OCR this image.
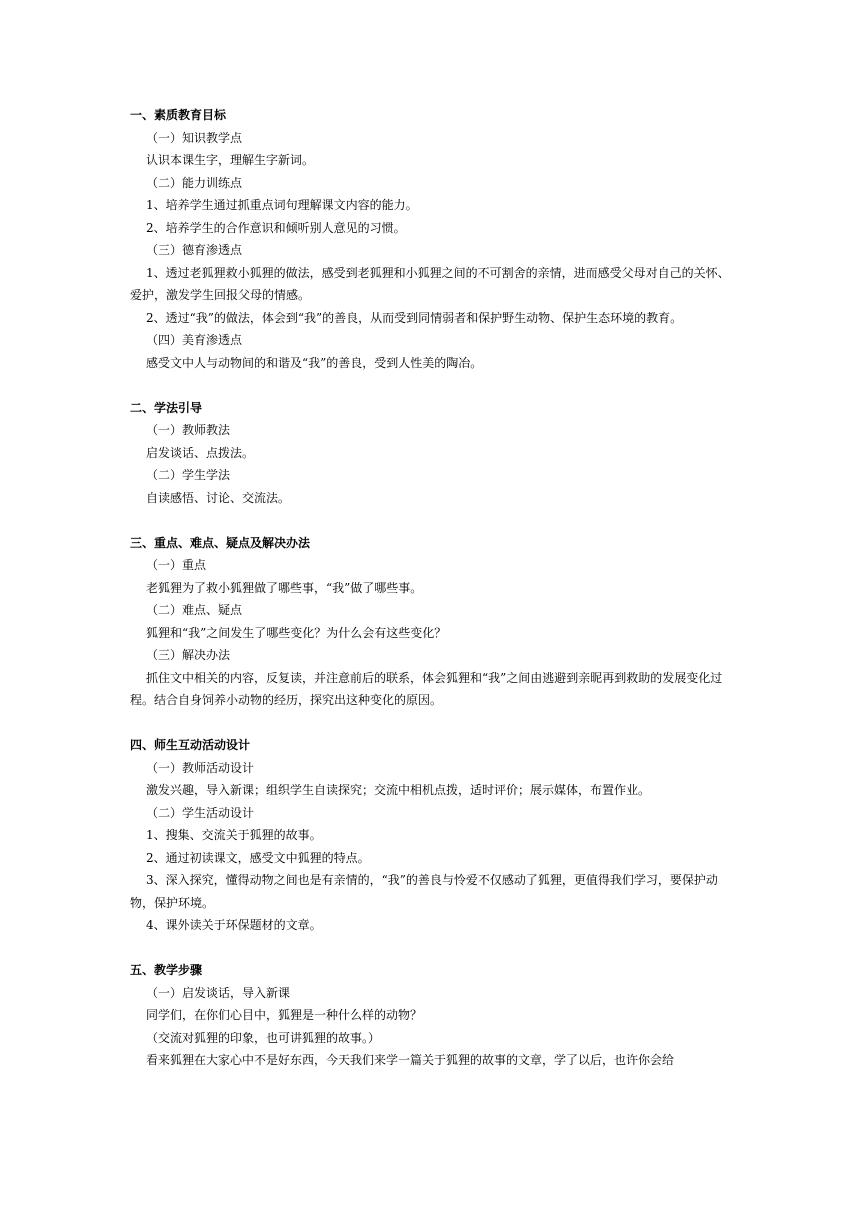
一、素质教育目标

（一）知识教学点

认识本课生字，理解生字新词。

（二）能力训练点

1、培养学生通过抓重点词句理解课文内容的能力。

2、培养学生的合作意识和倾听别人意见的习惯。

（三）德育渗透点

1、透过老狐狸救小狐狸的做法，感受到老狐狸和小狐狸之间的不可割舍的亲情，进而感受父母对自己的关怀、爱护，激发学生回报父母的情感。

2、透过“我”的做法，体会到“我”的善良，从而受到同情弱者和保护野生动物、保护生态环境的教育。

（四）美育渗透点

感受文中人与动物间的和谐及“我”的善良，受到人性美的陶冶。

二、学法引导

（一）教师教法

启发谈话、点拨法。

（二）学生学法

自读感悟、讨论、交流法。

三、重点、难点、疑点及解决办法

（一）重点

老狐狸为了救小狐狸做了哪些事，“我”做了哪些事。

（二）难点、疑点

狐狸和“我”之间发生了哪些变化？为什么会有这些变化？

（三）解决办法

抓住文中相关的内容，反复读，并注意前后的联系，体会狐狸和“我”之间由逃避到亲昵再到救助的发展变化过程。结合自身饲养小动物的经历，探究出这种变化的原因。

四、师生互动活动设计

（一）教师活动设计

激发兴趣，导入新课；组织学生自读探究；交流中相机点拨，适时评价；展示媒体，布置作业。

（二）学生活动设计

1、搜集、交流关于狐狸的故事。

2、通过初读课文，感受文中狐狸的特点。

3、深入探究，懂得动物之间也是有亲情的，“我”的善良与怜爱不仅感动了狐狸，更值得我们学习，要保护动物，保护环境。

4、课外读关于环保题材的文章。

五、教学步骤

（一）启发谈话，导入新课

同学们，在你们心目中，狐狸是一种什么样的动物？

（交流对狐狸的印象，也可讲狐狸的故事。）

看来狐狸在大家心中不是好东西，今天我们来学一篇关于狐狸的故事的文章，学了以后，也许你会给
